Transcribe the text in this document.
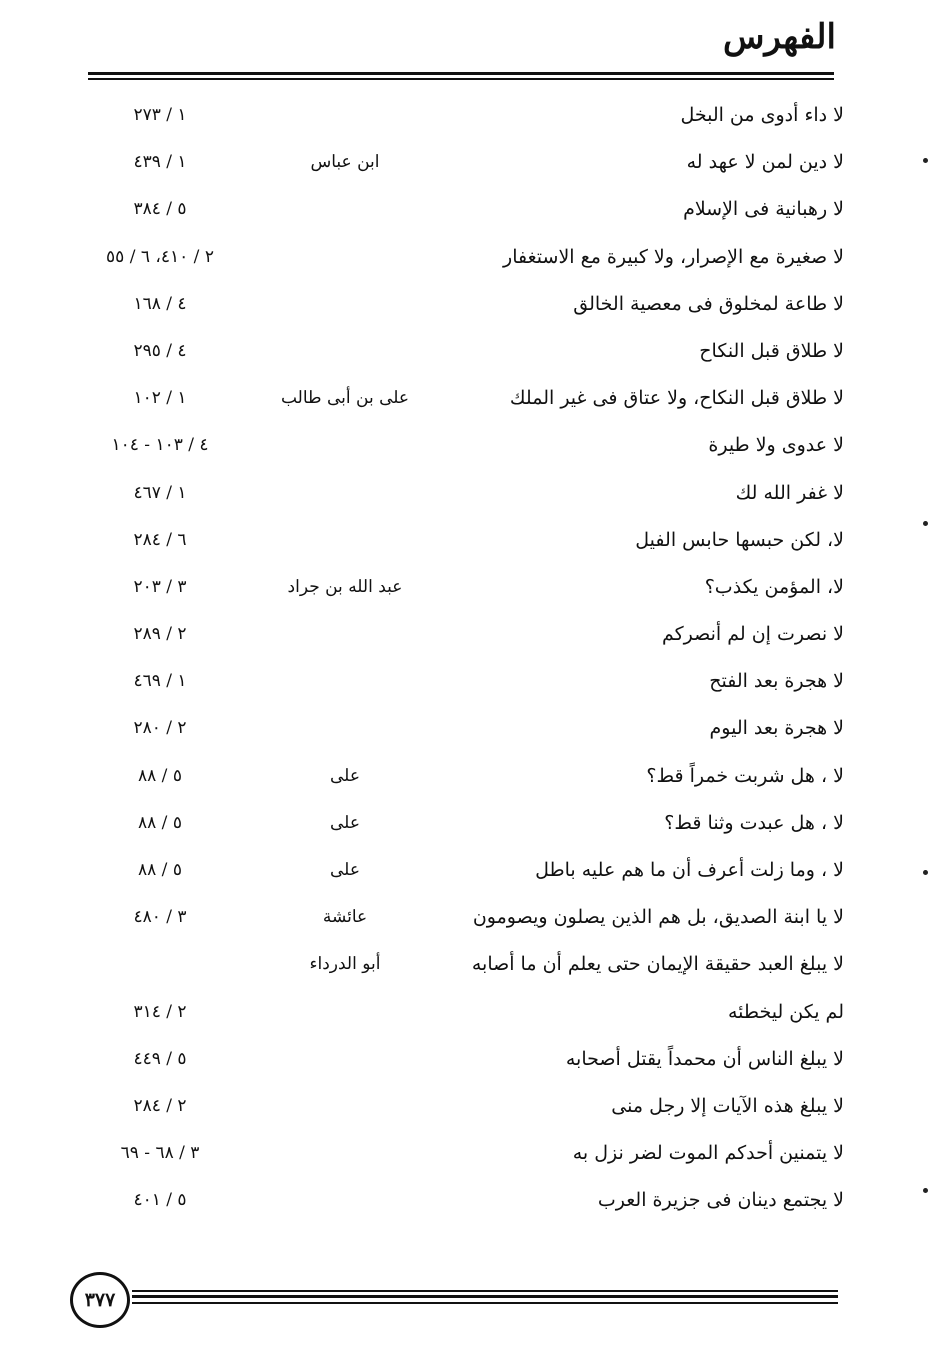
الفهرس
لا داء أدوى من البخل
١ / ٢٧٣
لا دين لمن لا عهد له
ابن عباس
١ / ٤٣٩
لا رهبانية فى الإسلام
٥ / ٣٨٤
لا صغيرة مع الإصرار، ولا كبيرة مع الاستغفار
٢ / ٤١٠، ٦ / ٥٥
لا طاعة لمخلوق فى معصية الخالق
٤ / ١٦٨
لا طلاق قبل النكاح
٤ / ٢٩٥
لا طلاق قبل النكاح، ولا عتاق فى غير الملك
على بن أبى طالب
١ / ١٠٢
لا عدوى ولا طيرة
٤ / ١٠٣ - ١٠٤
لا غفر الله لك
١ / ٤٦٧
لا، لكن حبسها حابس الفيل
٦ / ٢٨٤
لا، المؤمن يكذب؟
عبد الله بن جراد
٣ / ٢٠٣
لا نصرت إن لم أنصركم
٢ / ٢٨٩
لا هجرة بعد الفتح
١ / ٤٦٩
لا هجرة بعد اليوم
٢ / ٢٨٠
لا ، هل شربت خمراً قط؟
على
٥ / ٨٨
لا ، هل عبدت وثنا قط؟
على
٥ / ٨٨
لا ، وما زلت أعرف أن ما هم عليه باطل
على
٥ / ٨٨
لا يا ابنة الصديق، بل هم الذين يصلون ويصومون
عائشة
٣ / ٤٨٠
لا يبلغ العبد حقيقة الإيمان حتى يعلم أن ما أصابه
أبو الدرداء
لم يكن ليخطئه
٢ / ٣١٤
لا يبلغ الناس أن محمداً يقتل أصحابه
٥ / ٤٤٩
لا يبلغ هذه الآيات إلا رجل منى
٢ / ٢٨٤
لا يتمنين أحدكم الموت لضر نزل به
٣ / ٦٨ - ٦٩
لا يجتمع دينان فى جزيرة العرب
٥ / ٤٠١
٣٧٧
